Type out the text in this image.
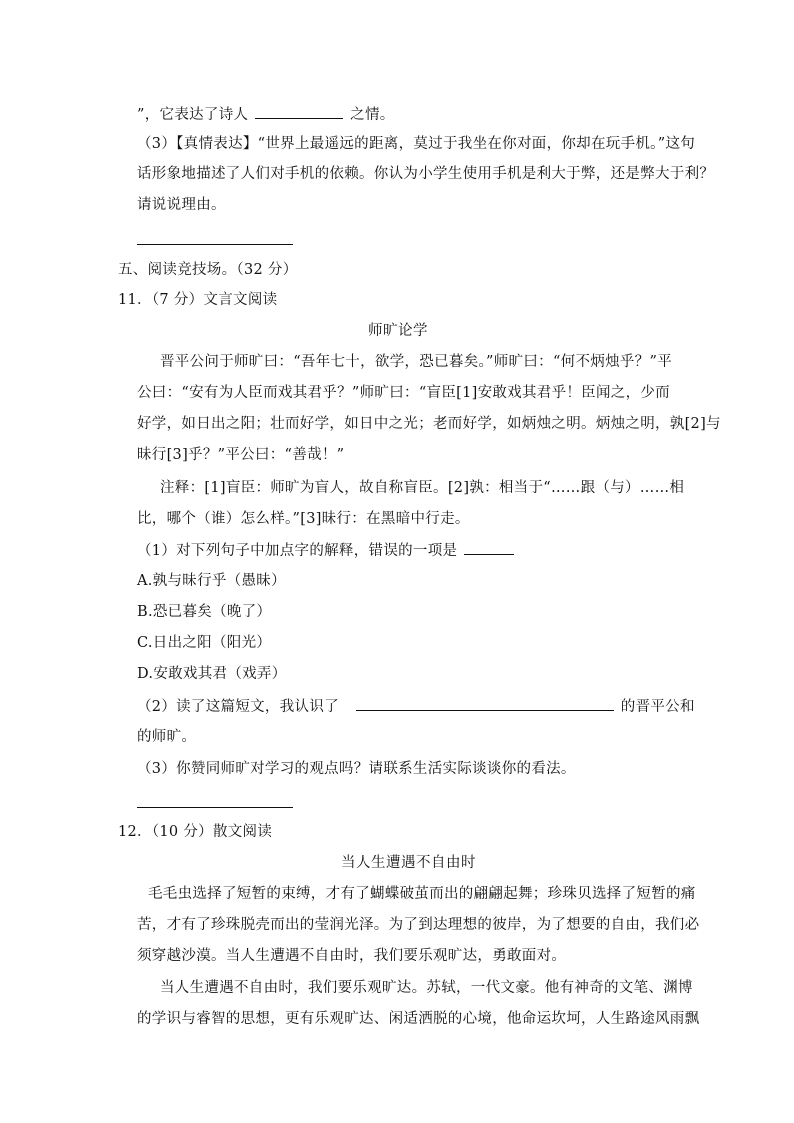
”，它表达了诗人	之情。
（3）【真情表达】“世界上最遥远的距离，莫过于我坐在你对面，你却在玩手机。”这句
话形象地描述了人们对手机的依赖。你认为小学生使用手机是利大于弊，还是弊大于利？
请说说理由。
五、阅读竞技场。（32 分）
11．（7 分）文言文阅读
师旷论学
晋平公问于师旷曰：“吾年七十，欲学，恐已暮矣。”师旷曰：“何不炳烛乎？”平
公曰：“安有为人臣而戏其君乎？”师旷曰：“盲臣[1]安敢戏其君乎！臣闻之，少而
好学，如日出之阳；壮而好学，如日中之光；老而好学，如炳烛之明。炳烛之明，孰[2]与
昧行[3]乎？”平公曰：“善哉！”
注释：[1]盲臣：师旷为盲人，故自称盲臣。[2]孰：相当于“……跟（与）……相
比，哪个（谁）怎么样。”[3]昧行：在黑暗中行走。
（1）对下列句子中加点字的解释，错误的一项是
A.孰与昧行乎（愚昧）
B.恐已暮矣（晚了）
C.日出之阳（阳光）
D.安敢戏其君（戏弄）
（2）读了这篇短文，我认识了	的晋平公和
的师旷。
（3）你赞同师旷对学习的观点吗？请联系生活实际谈谈你的看法。
12．（10 分）散文阅读
当人生遭遇不自由时
毛毛虫选择了短暂的束缚，才有了蝴蝶破茧而出的翩翩起舞；珍珠贝选择了短暂的痛
苦，才有了珍珠脱壳而出的莹润光泽。为了到达理想的彼岸，为了想要的自由，我们必
须穿越沙漠。当人生遭遇不自由时，我们要乐观旷达，勇敢面对。
当人生遭遇不自由时，我们要乐观旷达。苏轼，一代文豪。他有神奇的文笔、渊博
的学识与睿智的思想，更有乐观旷达、闲适洒脱的心境，他命运坎坷，人生路途风雨飘
